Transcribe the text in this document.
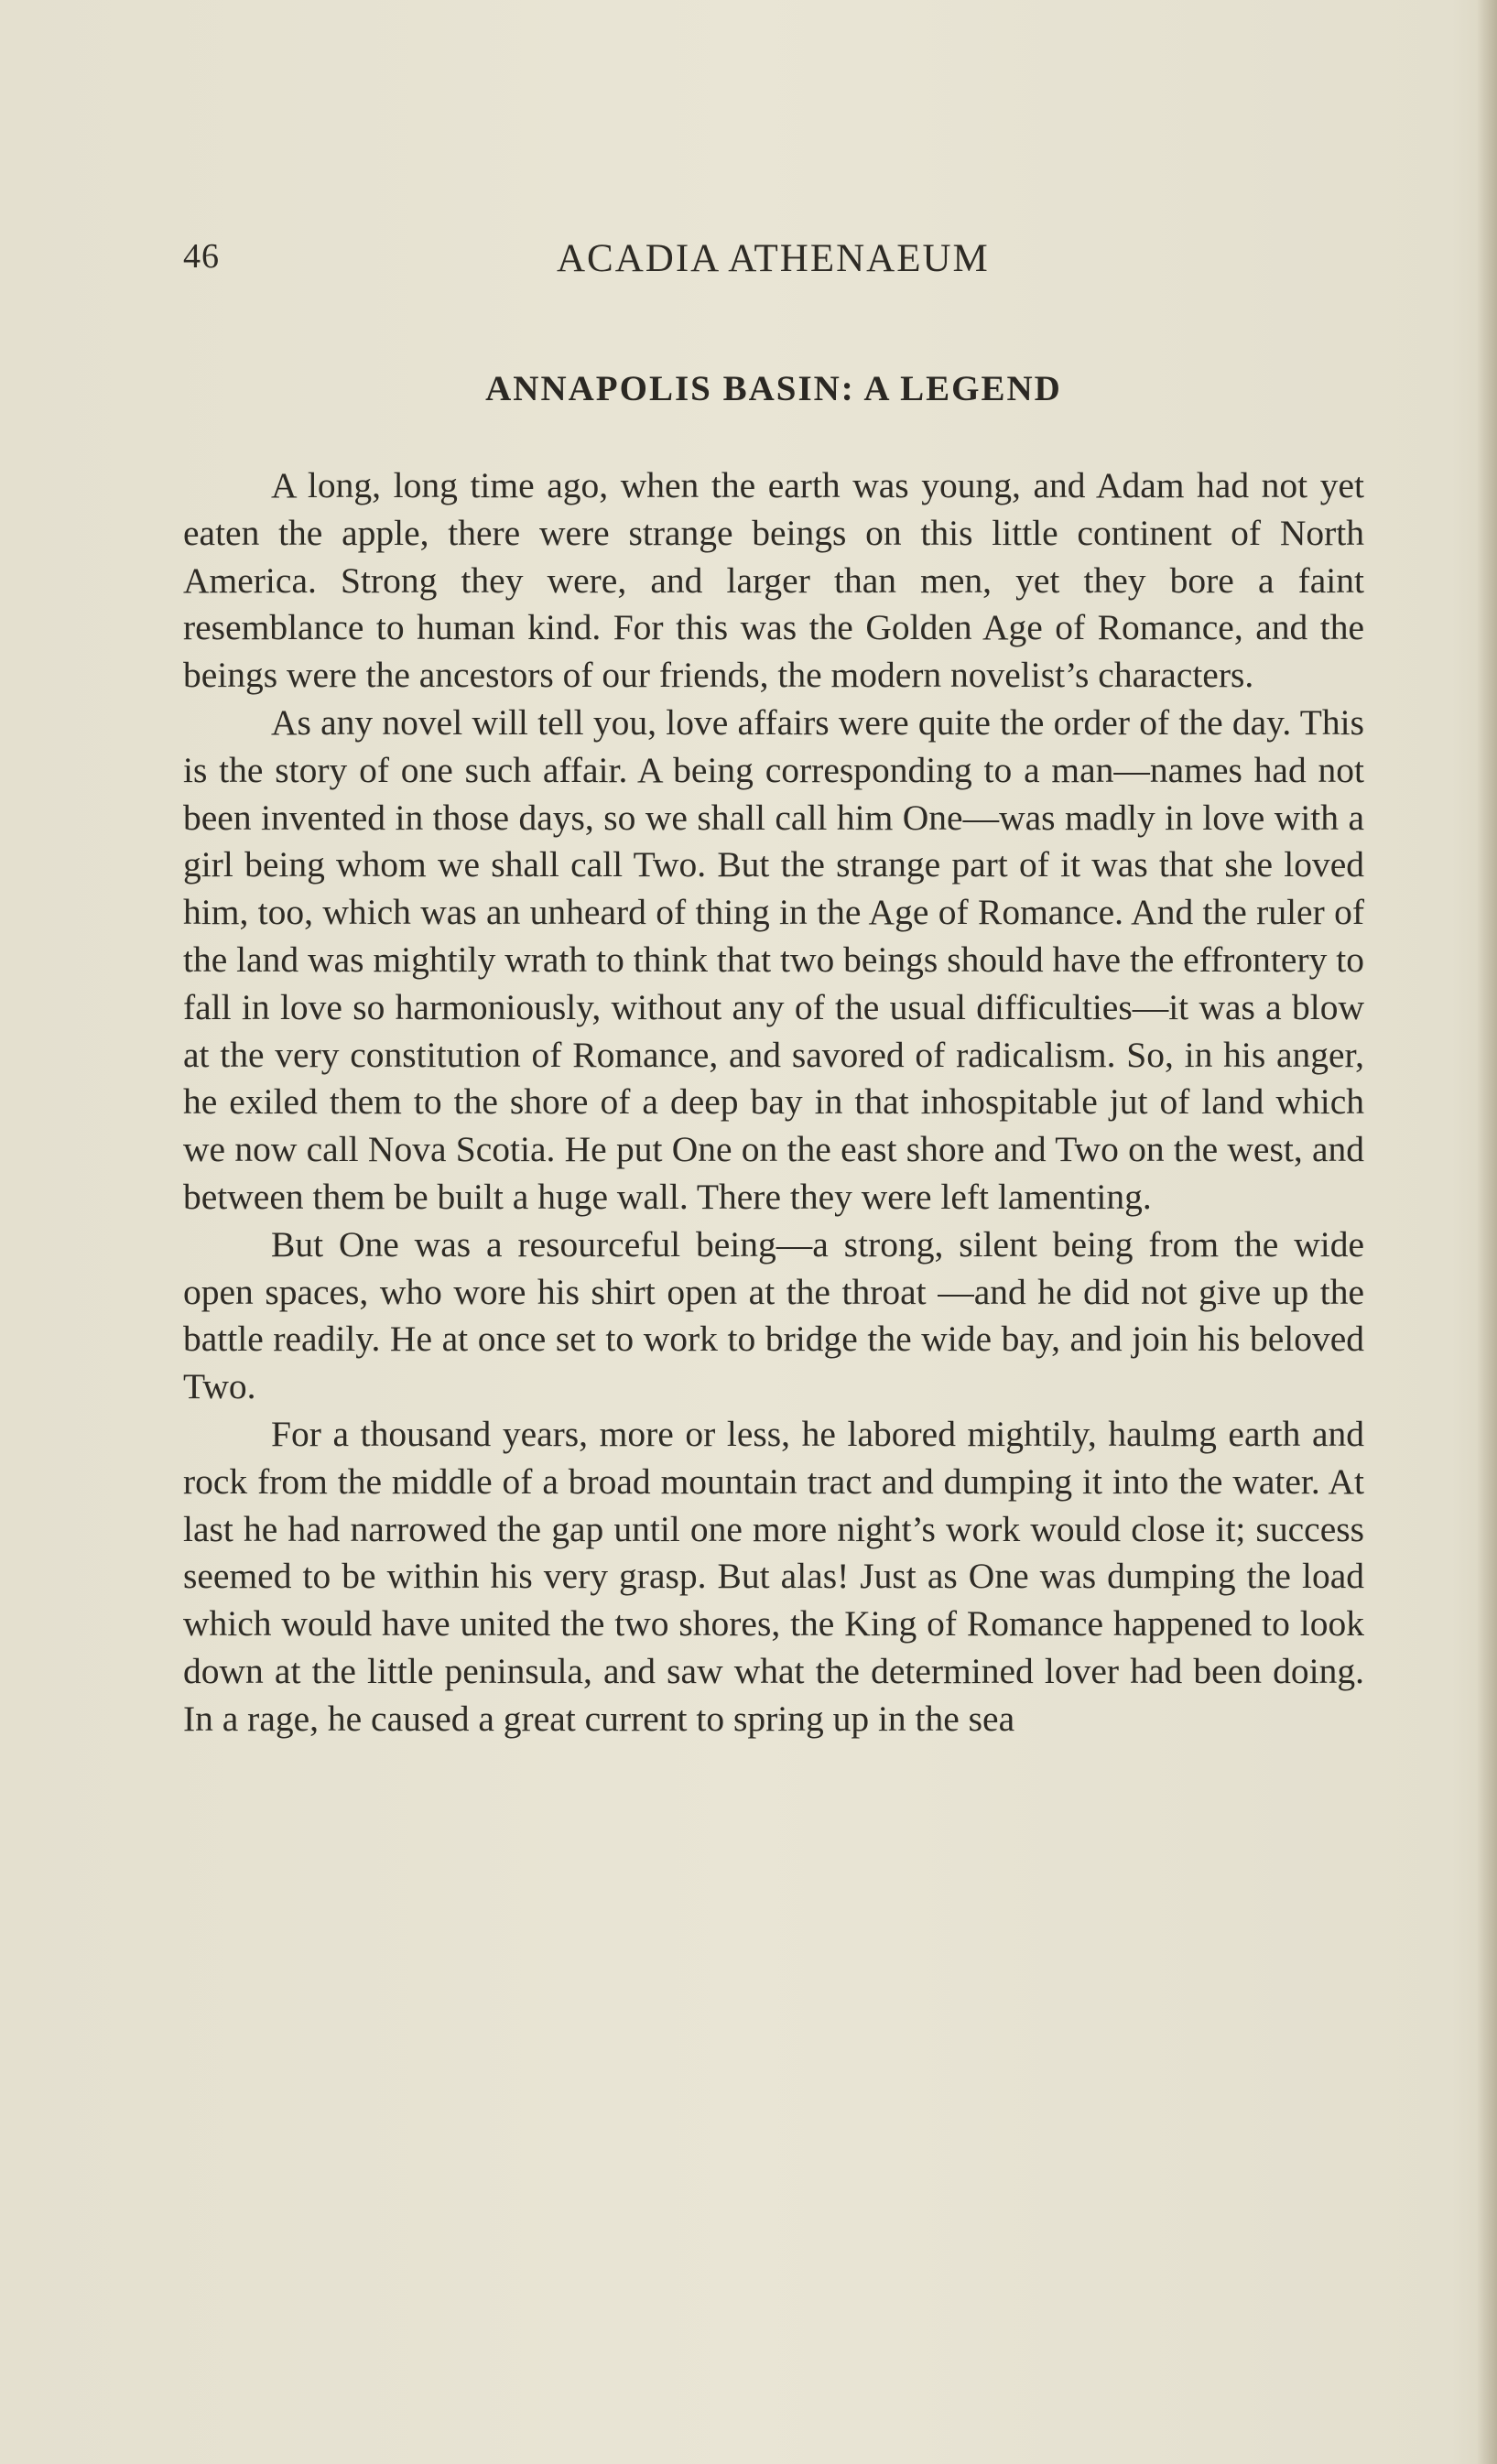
46	ACADIA ATHENAEUM
ANNAPOLIS BASIN: A LEGEND

A long, long time ago, when the earth was young, and Adam had not yet eaten the apple, there were strange beings on this little continent of North America. Strong they were, and larger than men, yet they bore a faint resemblance to human kind. For this was the Golden Age of Romance, and the beings were the ancestors of our friends, the modern novelist’s characters.

As any novel will tell you, love affairs were quite the order of the day. This is the story of one such affair. A being corresponding to a man—names had not been invented in those days, so we shall call him One—was madly in love with a girl being whom we shall call Two. But the strange part of it was that she loved him, too, which was an unheard of thing in the Age of Romance. And the ruler of the land was mightily wrath to think that two beings should have the effrontery to fall in love so harmoniously, without any of the usual difficulties—it was a blow at the very constitution of Romance, and savored of radicalism. So, in his anger, he exiled them to the shore of a deep bay in that inhospitable jut of land which we now call Nova Scotia. He put One on the east shore and Two on the west, and between them be built a huge wall. There they were left lamenting.

But One was a resourceful being—a strong, silent being from the wide open spaces, who wore his shirt open at the throat —and he did not give up the battle readily. He at once set to work to bridge the wide bay, and join his beloved Two.

For a thousand years, more or less, he labored mightily, haulmg earth and rock from the middle of a broad mountain tract and dumping it into the water. At last he had narrowed the gap until one more night’s work would close it; success seemed to be within his very grasp. But alas! Just as One was dumping the load which would have united the two shores, the King of Romance happened to look down at the little peninsula, and saw what the determined lover had been doing. In a rage, he caused a great current to spring up in the sea
